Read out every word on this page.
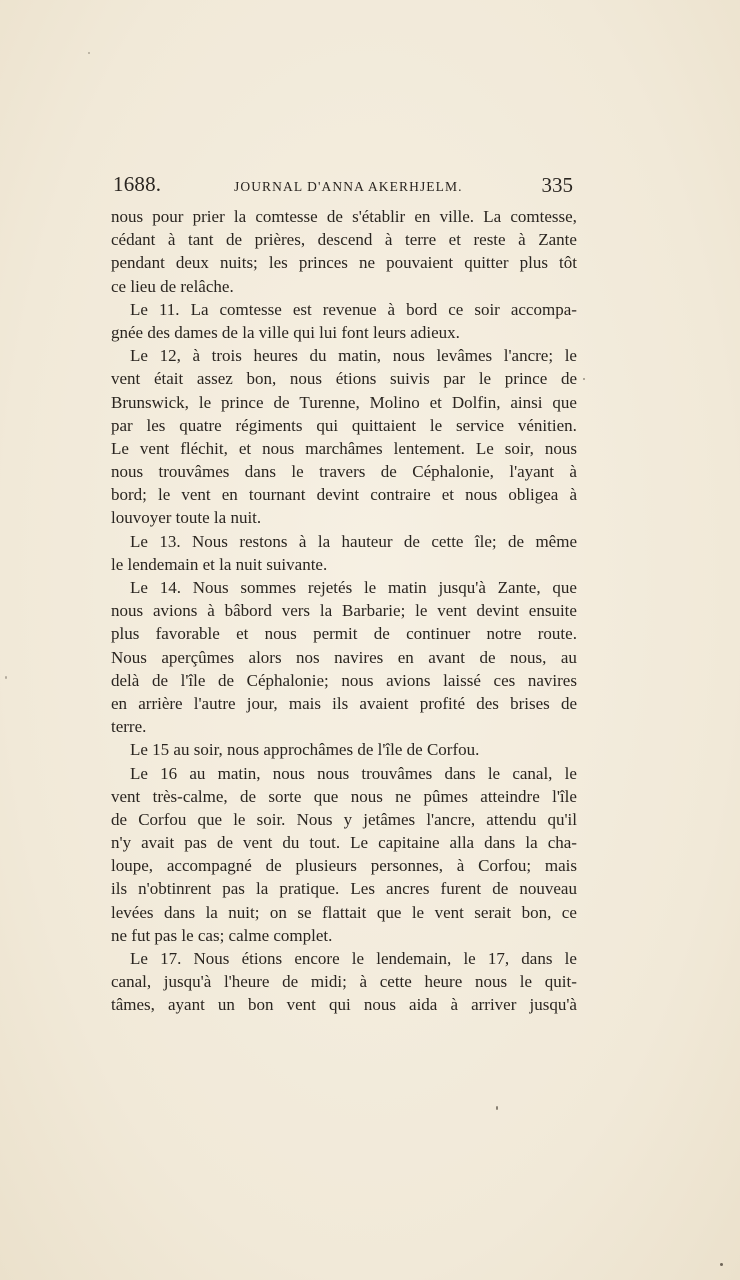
1688.	JOURNAL D'ANNA AKERHJELM.	335
nous pour prier la comtesse de s'établir en ville. La comtesse,
cédant à tant de prières, descend à terre et reste à Zante
pendant deux nuits; les princes ne pouvaient quitter plus tôt
ce lieu de relâche.
Le 11. La comtesse est revenue à bord ce soir accompa-
gnée des dames de la ville qui lui font leurs adieux.
Le 12, à trois heures du matin, nous levâmes l'ancre; le
vent était assez bon, nous étions suivis par le prince de
Brunswick, le prince de Turenne, Molino et Dolfin, ainsi que
par les quatre régiments qui quittaient le service vénitien.
Le vent fléchit, et nous marchâmes lentement. Le soir, nous
nous trouvâmes dans le travers de Céphalonie, l'ayant à
bord; le vent en tournant devint contraire et nous obligea à
louvoyer toute la nuit.
Le 13. Nous restons à la hauteur de cette île; de même
le lendemain et la nuit suivante.
Le 14. Nous sommes rejetés le matin jusqu'à Zante, que
nous avions à bâbord vers la Barbarie; le vent devint ensuite
plus favorable et nous permit de continuer notre route.
Nous aperçûmes alors nos navires en avant de nous, au
delà de l'île de Céphalonie; nous avions laissé ces navires
en arrière l'autre jour, mais ils avaient profité des brises de
terre.
Le 15 au soir, nous approchâmes de l'île de Corfou.
Le 16 au matin, nous nous trouvâmes dans le canal, le
vent très-calme, de sorte que nous ne pûmes atteindre l'île
de Corfou que le soir. Nous y jetâmes l'ancre, attendu qu'il
n'y avait pas de vent du tout. Le capitaine alla dans la cha-
loupe, accompagné de plusieurs personnes, à Corfou; mais
ils n'obtinrent pas la pratique. Les ancres furent de nouveau
levées dans la nuit; on se flattait que le vent serait bon, ce
ne fut pas le cas; calme complet.
Le 17. Nous étions encore le lendemain, le 17, dans le
canal, jusqu'à l'heure de midi; à cette heure nous le quit-
tâmes, ayant un bon vent qui nous aida à arriver jusqu'à
